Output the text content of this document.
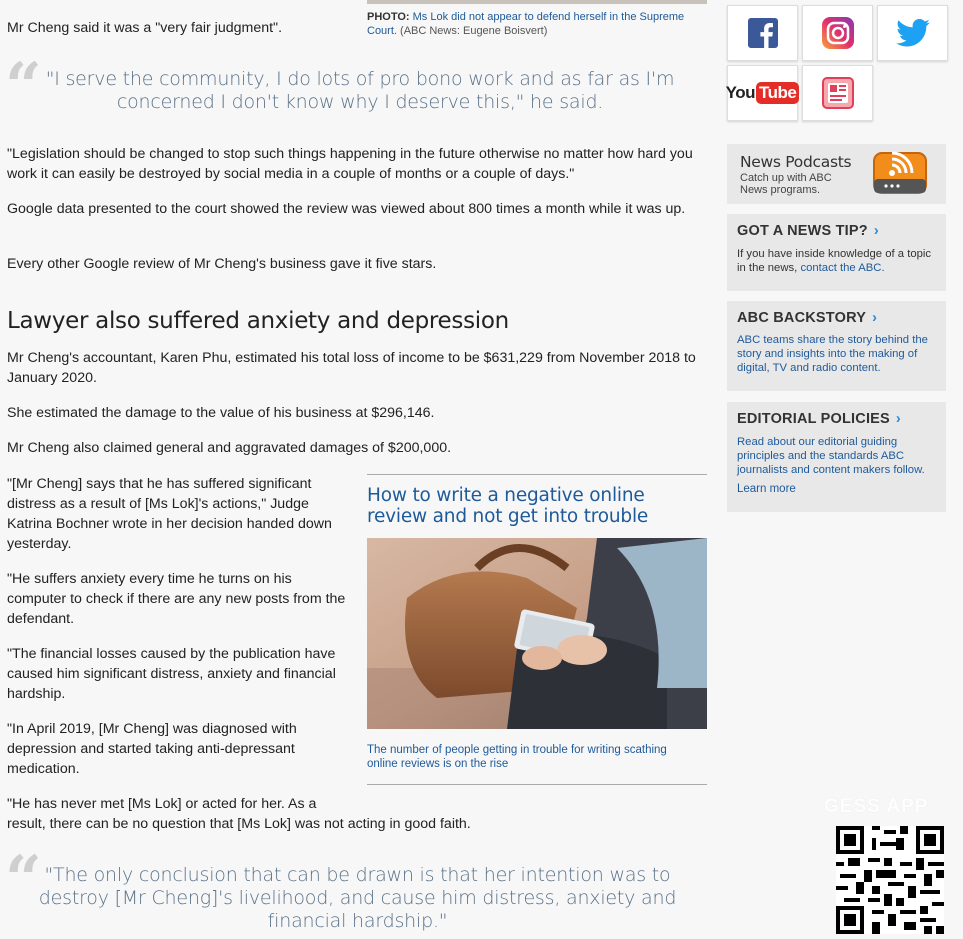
PHOTO: Ms Lok did not appear to defend herself in the Supreme Court. (ABC News: Eugene Boisvert)

Mr Cheng said it was a "very fair judgment".

“ "I serve the community, I do lots of pro bono work and as far as I'm concerned I don't know why I deserve this," he said.

"Legislation should be changed to stop such things happening in the future otherwise no matter how hard you work it can easily be destroyed by social media in a couple of months or a couple of days."

Google data presented to the court showed the review was viewed about 800 times a month while it was up.

Every other Google review of Mr Cheng's business gave it five stars.

Lawyer also suffered anxiety and depression

Mr Cheng's accountant, Karen Phu, estimated his total loss of income to be $631,229 from November 2018 to January 2020.

She estimated the damage to the value of his business at $296,146.

Mr Cheng also claimed general and aggravated damages of $200,000.

"[Mr Cheng] says that he has suffered significant distress as a result of [Ms Lok]'s actions," Judge Katrina Bochner wrote in her decision handed down yesterday.

"He suffers anxiety every time he turns on his computer to check if there are any new posts from the defendant.

"The financial losses caused by the publication have caused him significant distress, anxiety and financial hardship.

"In April 2019, [Mr Cheng] was diagnosed with depression and started taking anti-depressant medication.

"He has never met [Ms Lok] or acted for her. As a

result, there can be no question that [Ms Lok] was not acting in good faith.

How to write a negative online review and not get into trouble
The number of people getting in trouble for writing scathing online reviews is on the rise
“ "The only conclusion that can be drawn is that her intention was to destroy [Mr Cheng]'s livelihood, and cause him distress, anxiety and financial hardship."
You Tube
News Podcasts
Catch up with ABC News programs.
GOT A NEWS TIP? ›
If you have inside knowledge of a topic in the news, contact the ABC.
ABC BACKSTORY ›
ABC teams share the story behind the story and insights into the making of digital, TV and radio content.
EDITORIAL POLICIES ›
Read about our editorial guiding principles and the standards ABC journalists and content makers follow.
Learn more
GESS APP
